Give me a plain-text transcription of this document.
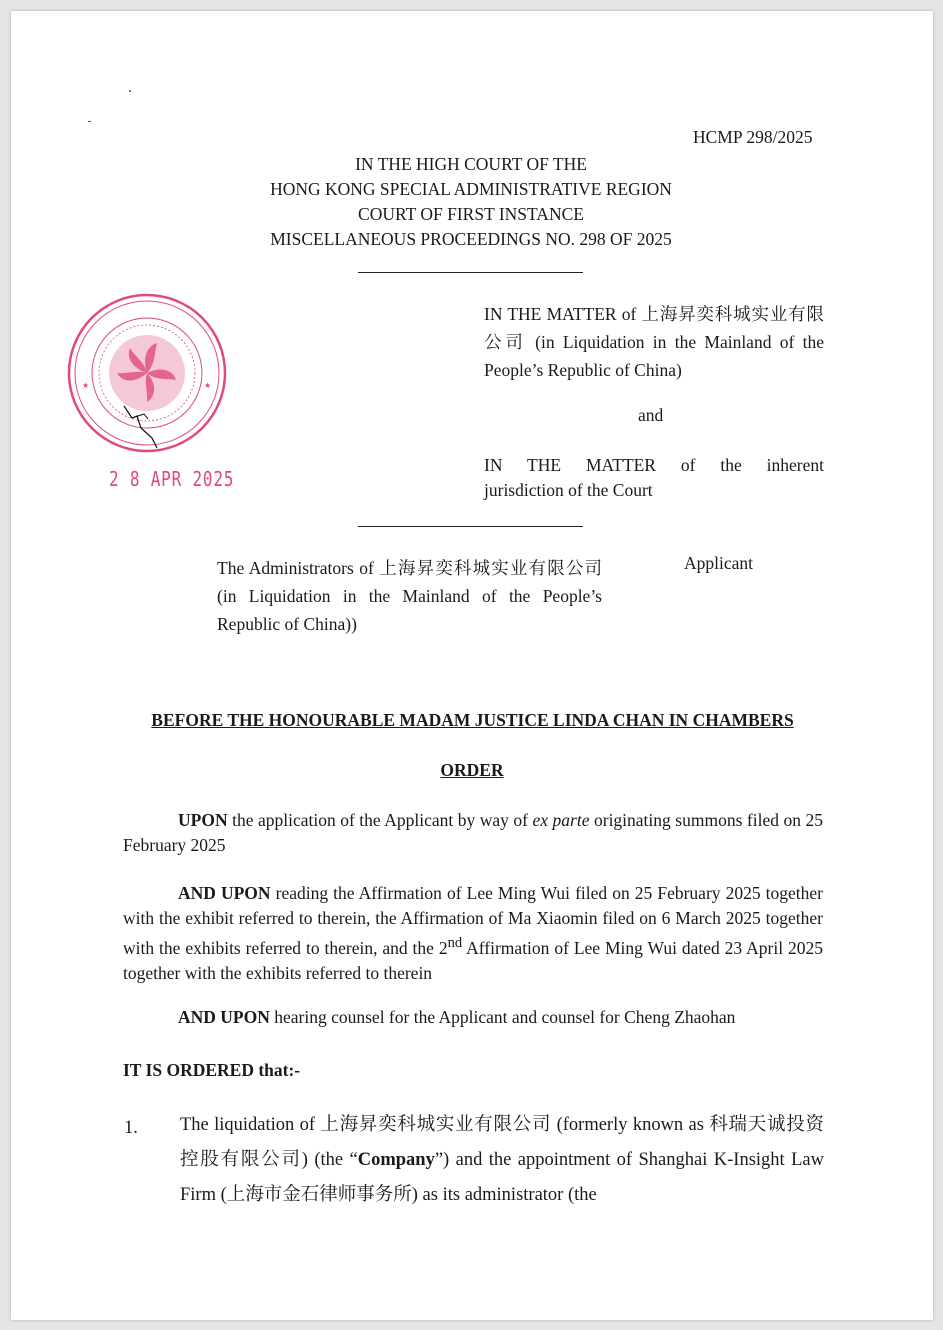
HCMP 298/2025
IN THE HIGH COURT OF THE
HONG KONG SPECIAL ADMINISTRATIVE REGION
COURT OF FIRST INSTANCE
MISCELLANEOUS PROCEEDINGS NO. 298 OF 2025
★	★
2 8 APR 2025
IN THE MATTER of 上海昇奕科城实业有限公司 (in Liquidation in the Mainland of the People’s Republic of China)
and
IN THE MATTER of the inherent
jurisdiction of the Court
The Administrators of 上海昇奕科城实业有限公司 (in Liquidation in the Mainland of the People’s Republic of China))
Applicant
BEFORE THE HONOURABLE MADAM JUSTICE LINDA CHAN IN CHAMBERS
ORDER
UPON the application of the Applicant by way of ex parte originating summons filed on 25 February 2025
AND UPON reading the Affirmation of Lee Ming Wui filed on 25 February 2025 together with the exhibit referred to therein, the Affirmation of Ma Xiaomin filed on 6 March 2025 together with the exhibits referred to therein, and the 2nd Affirmation of Lee Ming Wui dated 23 April 2025 together with the exhibits referred to therein
AND UPON hearing counsel for the Applicant and counsel for Cheng Zhaohan
IT IS ORDERED that:-
1. The liquidation of 上海昇奕科城实业有限公司 (formerly known as 科瑞天诚投资控股有限公司) (the “Company”) and the appointment of Shanghai K-Insight Law Firm (上海市金石律师事务所) as its administrator (the
